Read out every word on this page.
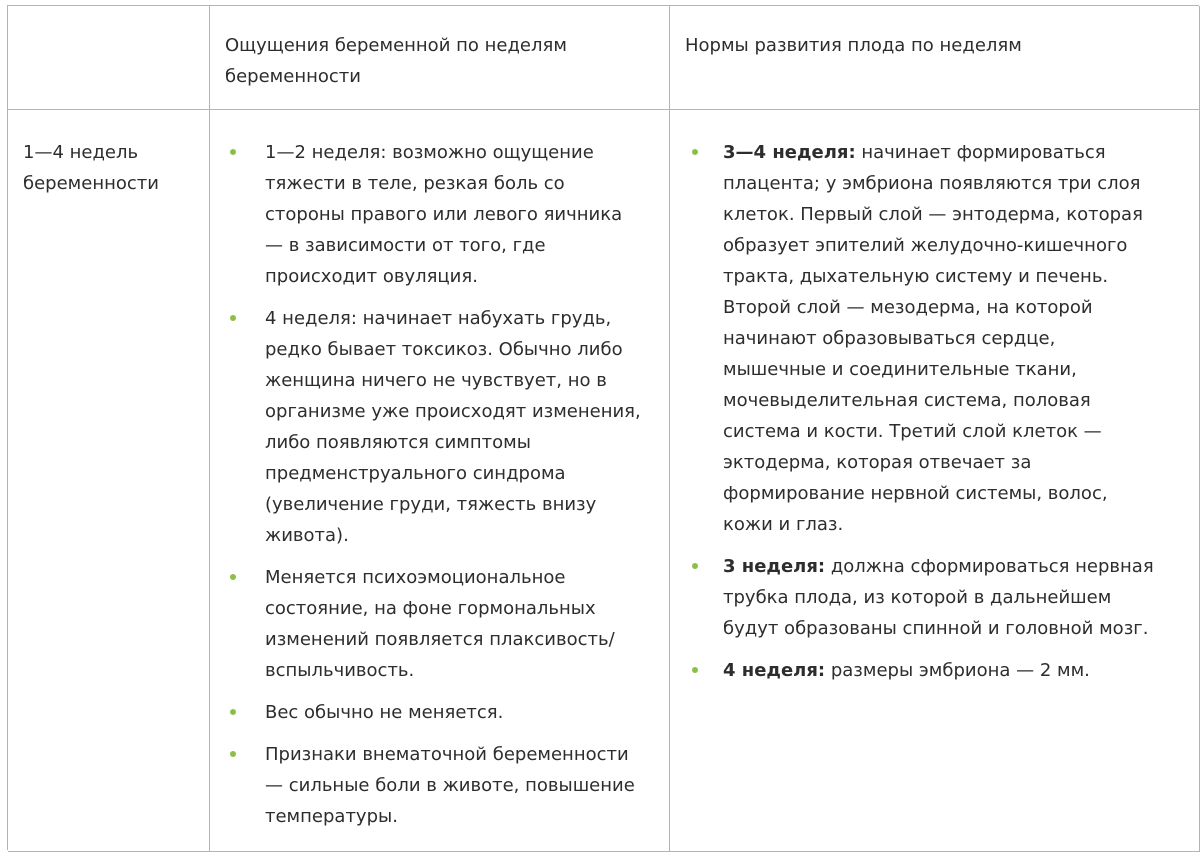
Ощущения беременной по неделям беременности
Нормы развития плода по неделям
1—4 недель беременности
1—2 неделя: возможно ощущение тяжести в теле, резкая боль со стороны правого или левого яичника — в зависимости от того, где происходит овуляция.
4 неделя: начинает набухать грудь, редко бывает токсикоз. Обычно либо женщина ничего не чувствует, но в организме уже происходят изменения, либо появляются симптомы предменструального синдрома (увеличение груди, тяжесть внизу живота).
Меняется психоэмоциональное состояние, на фоне гормональных изменений появляется плаксивость/вспыльчивость.
Вес обычно не меняется.
Признаки внематочной беременности — сильные боли в животе, повышение температуры.
3—4 неделя: начинает формироваться плацента; у эмбриона появляются три слоя клеток. Первый слой — энтодерма, которая образует эпителий желудочно-кишечного тракта, дыхательную систему и печень. Второй слой — мезодерма, на которой начинают образовываться сердце, мышечные и соединительные ткани, мочевыделительная система, половая система и кости. Третий слой клеток — эктодерма, которая отвечает за формирование нервной системы, волос, кожи и глаз.
3 неделя: должна сформироваться нервная трубка плода, из которой в дальнейшем будут образованы спинной и головной мозг.
4 неделя: размеры эмбриона — 2 мм.
